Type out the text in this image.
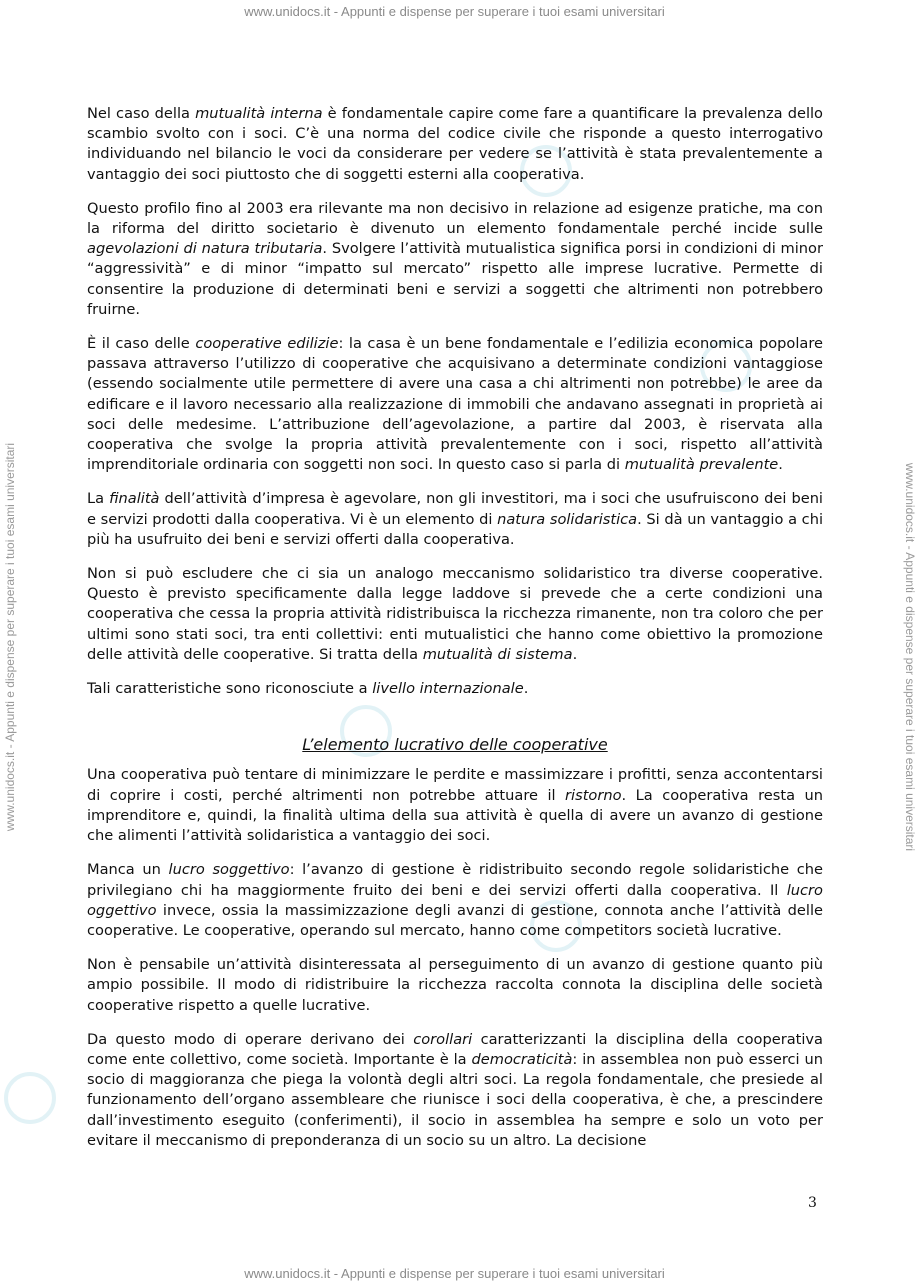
www.unidocs.it - Appunti e dispense per superare i tuoi esami universitari
www.unidocs.it - Appunti e dispense per superare i tuoi esami universitari	www.unidocs.it - Appunti e dispense per superare i tuoi esami universitari

Nel caso della mutualità interna è fondamentale capire come fare a quantificare la prevalenza dello scambio svolto con i soci. C’è una norma del codice civile che risponde a questo interrogativo individuando nel bilancio le voci da considerare per vedere se l’attività è stata prevalentemente a vantaggio dei soci piuttosto che di soggetti esterni alla cooperativa.

Questo profilo fino al 2003 era rilevante ma non decisivo in relazione ad esigenze pratiche, ma con la riforma del diritto societario è divenuto un elemento fondamentale perché incide sulle agevolazioni di natura tributaria. Svolgere l’attività mutualistica significa porsi in condizioni di minor “aggressività” e di minor “impatto sul mercato” rispetto alle imprese lucrative. Permette di consentire la produzione di determinati beni e servizi a soggetti che altrimenti non potrebbero fruirne.

È il caso delle cooperative edilizie: la casa è un bene fondamentale e l’edilizia economica popolare passava attraverso l’utilizzo di cooperative che acquisivano a determinate condizioni vantaggiose (essendo socialmente utile permettere di avere una casa a chi altrimenti non potrebbe) le aree da edificare e il lavoro necessario alla realizzazione di immobili che andavano assegnati in proprietà ai soci delle medesime. L’attribuzione dell’agevolazione, a partire dal 2003, è riservata alla cooperativa che svolge la propria attività prevalentemente con i soci, rispetto all’attività imprenditoriale ordinaria con soggetti non soci. In questo caso si parla di mutualità prevalente.

La finalità dell’attività d’impresa è agevolare, non gli investitori, ma i soci che usufruiscono dei beni e servizi prodotti dalla cooperativa. Vi è un elemento di natura solidaristica. Si dà un vantaggio a chi più ha usufruito dei beni e servizi offerti dalla cooperativa.

Non si può escludere che ci sia un analogo meccanismo solidaristico tra diverse cooperative. Questo è previsto specificamente dalla legge laddove si prevede che a certe condizioni una cooperativa che cessa la propria attività ridistribuisca la ricchezza rimanente, non tra coloro che per ultimi sono stati soci, tra enti collettivi: enti mutualistici che hanno come obiettivo la promozione delle attività delle cooperative. Si tratta della mutualità di sistema.

Tali caratteristiche sono riconosciute a livello internazionale.

L’elemento lucrativo delle cooperative

Una cooperativa può tentare di minimizzare le perdite e massimizzare i profitti, senza accontentarsi di coprire i costi, perché altrimenti non potrebbe attuare il ristorno. La cooperativa resta un imprenditore e, quindi, la finalità ultima della sua attività è quella di avere un avanzo di gestione che alimenti l’attività solidaristica a vantaggio dei soci.

Manca un lucro soggettivo: l’avanzo di gestione è ridistribuito secondo regole solidaristiche che privilegiano chi ha maggiormente fruito dei beni e dei servizi offerti dalla cooperativa. Il lucro oggettivo invece, ossia la massimizzazione degli avanzi di gestione, connota anche l’attività delle cooperative. Le cooperative, operando sul mercato, hanno come competitors società lucrative.

Non è pensabile un’attività disinteressata al perseguimento di un avanzo di gestione quanto più ampio possibile. Il modo di ridistribuire la ricchezza raccolta connota la disciplina delle società cooperative rispetto a quelle lucrative.

Da questo modo di operare derivano dei corollari caratterizzanti la disciplina della cooperativa come ente collettivo, come società. Importante è la democraticità: in assemblea non può esserci un socio di maggioranza che piega la volontà degli altri soci. La regola fondamentale, che presiede al funzionamento dell’organo assembleare che riunisce i soci della cooperativa, è che, a prescindere dall’investimento eseguito (conferimenti), il socio in assemblea ha sempre e solo un voto per evitare il meccanismo di preponderanza di un socio su un altro. La decisione

3
www.unidocs.it - Appunti e dispense per superare i tuoi esami universitari
